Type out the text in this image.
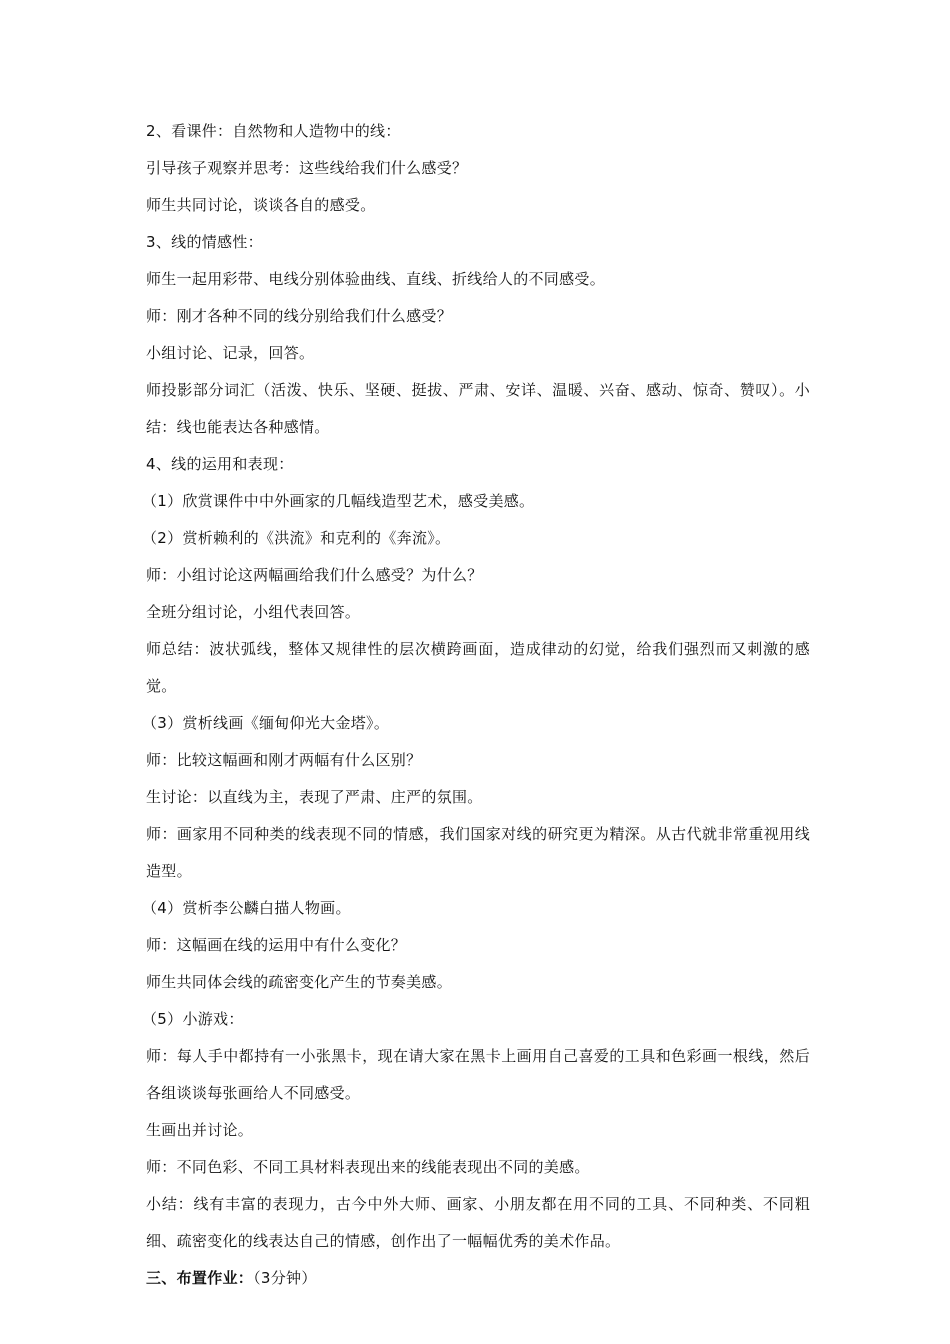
2、看课件：自然物和人造物中的线：
引导孩子观察并思考：这些线给我们什么感受？
师生共同讨论，谈谈各自的感受。
3、线的情感性：
师生一起用彩带、电线分别体验曲线、直线、折线给人的不同感受。
师：刚才各种不同的线分别给我们什么感受？
小组讨论、记录，回答。
师投影部分词汇（活泼、快乐、坚硬、挺拔、严肃、安详、温暖、兴奋、感动、惊奇、赞叹）。小结：线也能表达各种感情。
4、线的运用和表现：
（1）欣赏课件中中外画家的几幅线造型艺术，感受美感。
（2）赏析赖利的《洪流》和克利的《奔流》。
师：小组讨论这两幅画给我们什么感受？为什么？
全班分组讨论，小组代表回答。
师总结：波状弧线，整体又规律性的层次横跨画面，造成律动的幻觉，给我们强烈而又刺激的感觉。
（3）赏析线画《缅甸仰光大金塔》。
师：比较这幅画和刚才两幅有什么区别？
生讨论：以直线为主，表现了严肃、庄严的氛围。
师：画家用不同种类的线表现不同的情感，我们国家对线的研究更为精深。从古代就非常重视用线造型。
（4）赏析李公麟白描人物画。
师：这幅画在线的运用中有什么变化？
师生共同体会线的疏密变化产生的节奏美感。
（5）小游戏：
师：每人手中都持有一小张黑卡，现在请大家在黑卡上画用自己喜爱的工具和色彩画一根线，然后各组谈谈每张画给人不同感受。
生画出并讨论。
师：不同色彩、不同工具材料表现出来的线能表现出不同的美感。
小结：线有丰富的表现力，古今中外大师、画家、小朋友都在用不同的工具、不同种类、不同粗细、疏密变化的线表达自己的情感，创作出了一幅幅优秀的美术作品。
三、布置作业：（3分钟）
